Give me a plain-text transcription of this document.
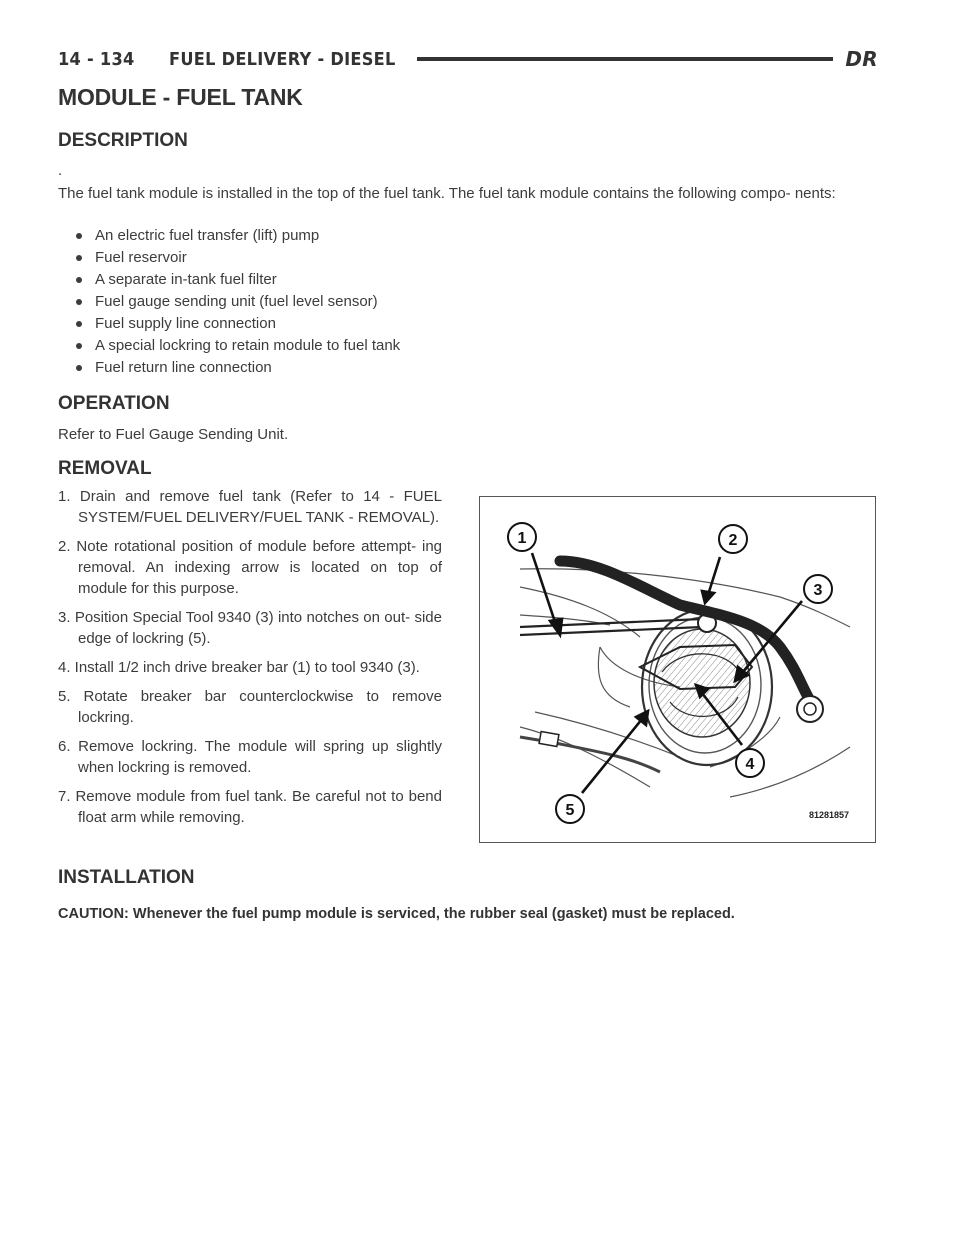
14 - 134 FUEL DELIVERY - DIESEL	DR
MODULE - FUEL TANK
DESCRIPTION

.

The fuel tank module is installed in the top of the fuel tank. The fuel tank module contains the following compo- nents:

An electric fuel transfer (lift) pump
Fuel reservoir
A separate in-tank fuel filter
Fuel gauge sending unit (fuel level sensor)
Fuel supply line connection
A special lockring to retain module to fuel tank
Fuel return line connection
OPERATION

Refer to Fuel Gauge Sending Unit.

REMOVAL
1. Drain and remove fuel tank (Refer to 14 - FUEL SYSTEM/FUEL DELIVERY/FUEL TANK - REMOVAL).
2. Note rotational position of module before attempt- ing removal. An indexing arrow is located on top of module for this purpose.
3. Position Special Tool 9340 (3) into notches on out- side edge of lockring (5).
4. Install 1/2 inch drive breaker bar (1) to tool 9340 (3).
5. Rotate breaker bar counterclockwise to remove lockring.
6. Remove lockring. The module will spring up slightly when lockring is removed.
7. Remove module from fuel tank. Be careful not to bend float arm while removing.
1	2
3
4
5	81281857
INSTALLATION

CAUTION: Whenever the fuel pump module is serviced, the rubber seal (gasket) must be replaced.
